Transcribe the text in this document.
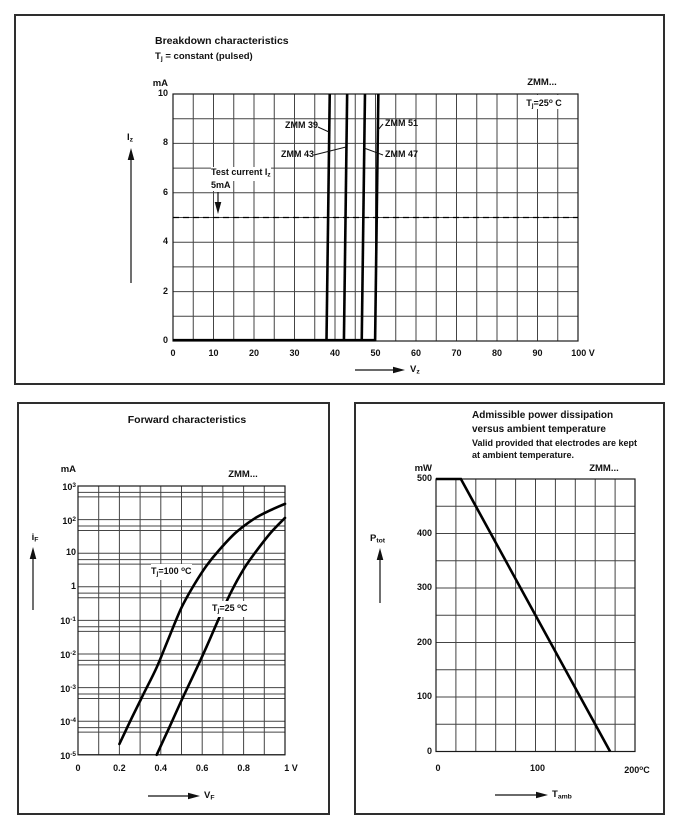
Breakdown characteristics
Tj = constant (pulsed)
mA
0
2
4
6
8
10
0	10	20	30	40	50	60	70	80	90	100 V
Iz
Vz
ZMM...
$Tj=25^o$ C
Test current Iz
5mA
ZMM 39
ZMM 43
ZMM 51
ZMM 47
Forward characteristics
mA
$10^3$
$10^2$
10
1
$10^{-1}$
$10^{-2}$
$10^{-3}$
$10^{-4}$
$10^{-5}$
0	0.2	0.4	0.6	0.8	1 V
iF
VF
ZMM...
Tj=100 $^o$C
Tj=25 $^o$C
Admissible power dissipation
versus ambient temperature
Valid provided that electrodes are kept
at ambient temperature.
mW
0
100
200
300
400
500
0	100	200$^o$C
Ptot
Tamb
ZMM...
